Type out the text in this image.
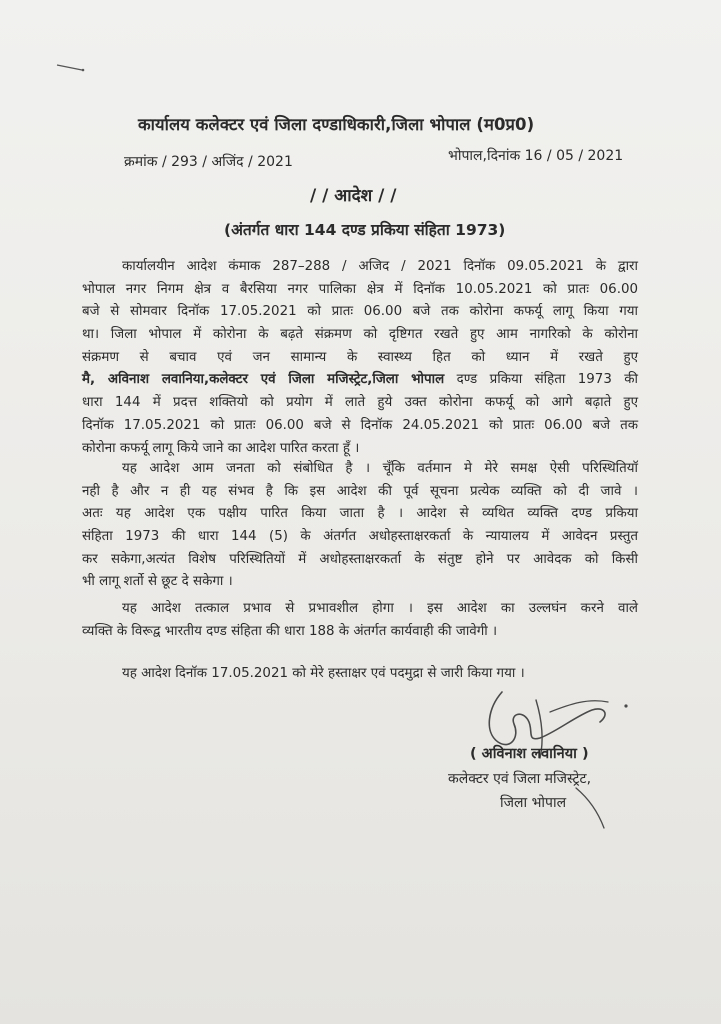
कार्यालय कलेक्टर एवं जिला दण्डाधिकारी,जिला भोपाल (म0प्र0)
क्रमांक / 293 / अजिंद / 2021	भोपाल,दिनांक 16 / 05 / 2021
/ / आदेश / /
(अंतर्गत धारा 144 दण्ड प्रकिया संहिता 1973)
कार्यालयीन आदेश कंमाक 287–288 / अजिद / 2021 दिनॉक 09.05.2021 के द्वारा
भोपाल नगर निगम क्षेत्र व बैरसिया नगर पालिका क्षेत्र में दिनॉक 10.05.2021 को प्रातः 06.00
बजे से सोमवार दिनॉक 17.05.2021 को प्रातः 06.00 बजे तक कोरोना कफर्यू लागू किया गया
था। जिला भोपाल में कोरोना के बढ़ते संक्रमण को दृष्टिगत रखते हुए आम नागरिको के कोरोना
संक्रमण से बचाव एवं जन सामान्य के स्वास्थ्य हित को ध्यान में रखते हुए
मै, अविनाश लवानिया,कलेक्टर एवं जिला मजिस्ट्रेट,जिला भोपाल दण्ड प्रकिया संहिता 1973 की
धारा 144 में प्रदत्त शक्तियो को प्रयोग में लाते हुये उक्त कोरोना कफर्यू को आगे बढ़ाते हुए
दिनॉक 17.05.2021 को प्रातः 06.00 बजे से दिनॉक 24.05.2021 को प्रातः 06.00 बजे तक
कोरोना कफर्यू लागू किये जाने का आदेश पारित करता हूँ ।
यह आदेश आम जनता को संबोधित है । चूँकि वर्तमान मे मेरे समक्ष ऐसी परिस्थितियॉ
नही है और न ही यह संभव है कि इस आदेश की पूर्व सूचना प्रत्येक व्यक्ति को दी जावे ।
अतः यह आदेश एक पक्षीय पारित किया जाता है । आदेश से व्यथित व्यक्ति दण्ड प्रकिया
संहिता 1973 की धारा 144 (5) के अंतर्गत अधोहस्ताक्षरकर्ता के न्यायालय में आवेदन प्रस्तुत
कर सकेगा,अत्यंत विशेष परिस्थितियों में अधोहस्ताक्षरकर्ता के संतुष्ट होने पर आवेदक को किसी
भी लागू शर्तो से छूट दे सकेगा ।
यह आदेश तत्काल प्रभाव से प्रभावशील होगा । इस आदेश का उल्लघंन करने वाले
व्यक्ति के विरूद्व भारतीय दण्ड संहिता की धारा 188 के अंतर्गत कार्यवाही की जावेगी ।
यह आदेश दिनॉक 17.05.2021 को मेरे हस्ताक्षर एवं पदमुद्रा से जारी किया गया ।
( अविनाश लवानिया )
कलेक्टर एवं जिला मजिस्ट्रेट,
जिला भोपाल
